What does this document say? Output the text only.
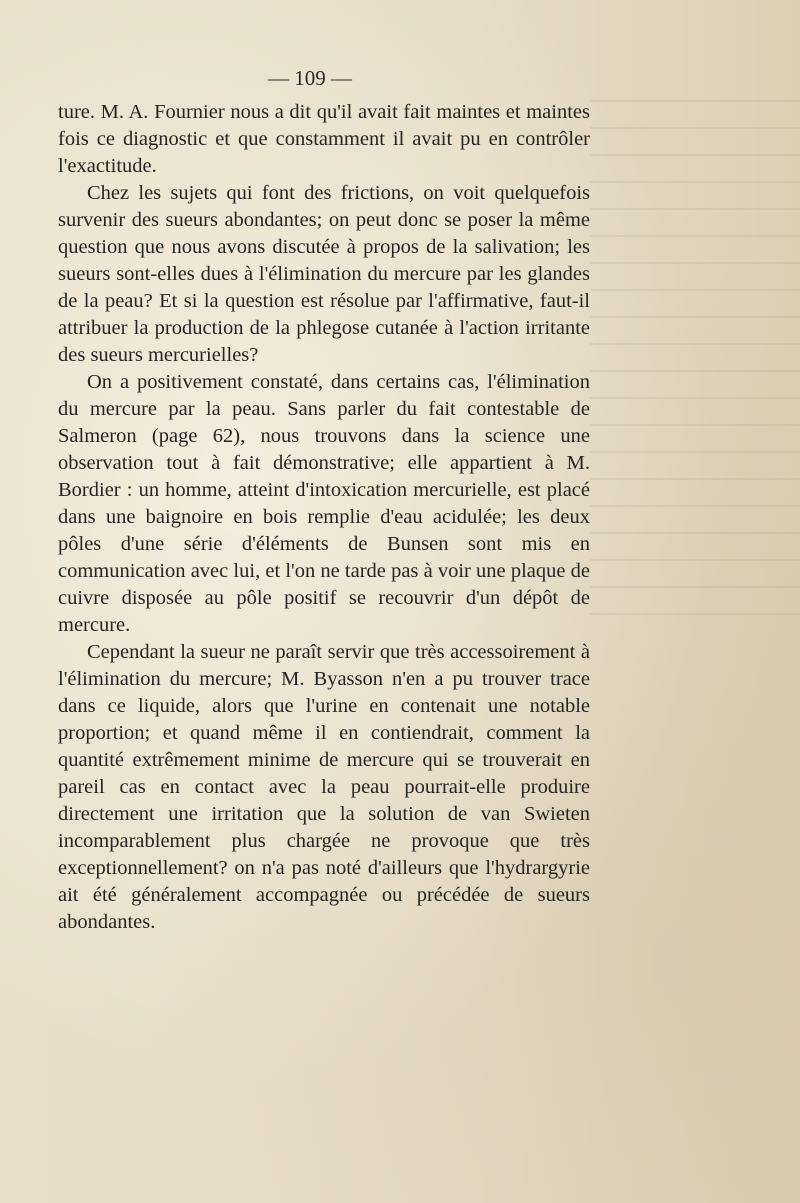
— 109 —

ture. M. A. Fournier nous a dit qu'il avait fait maintes et maintes fois ce diagnostic et que constamment il avait pu en contrôler l'exactitude.

Chez les sujets qui font des frictions, on voit quelquefois survenir des sueurs abondantes; on peut donc se poser la même question que nous avons discutée à propos de la salivation; les sueurs sont-elles dues à l'élimination du mercure par les glandes de la peau? Et si la question est résolue par l'affirmative, faut-il attribuer la production de la phlegose cutanée à l'action irritante des sueurs mercurielles?

On a positivement constaté, dans certains cas, l'élimination du mercure par la peau. Sans parler du fait contestable de Salmeron (page 62), nous trouvons dans la science une observation tout à fait démonstrative; elle appartient à M. Bordier : un homme, atteint d'intoxication mercurielle, est placé dans une baignoire en bois remplie d'eau acidulée; les deux pôles d'une série d'éléments de Bunsen sont mis en communication avec lui, et l'on ne tarde pas à voir une plaque de cuivre disposée au pôle positif se recouvrir d'un dépôt de mercure.

Cependant la sueur ne paraît servir que très accessoirement à l'élimination du mercure; M. Byasson n'en a pu trouver trace dans ce liquide, alors que l'urine en contenait une notable proportion; et quand même il en contiendrait, comment la quantité extrêmement minime de mercure qui se trouverait en pareil cas en contact avec la peau pourrait-elle produire directement une irritation que la solution de van Swieten incomparablement plus chargée ne provoque que très exceptionnellement? on n'a pas noté d'ailleurs que l'hydrargyrie ait été généralement accompagnée ou précédée de sueurs abondantes.
